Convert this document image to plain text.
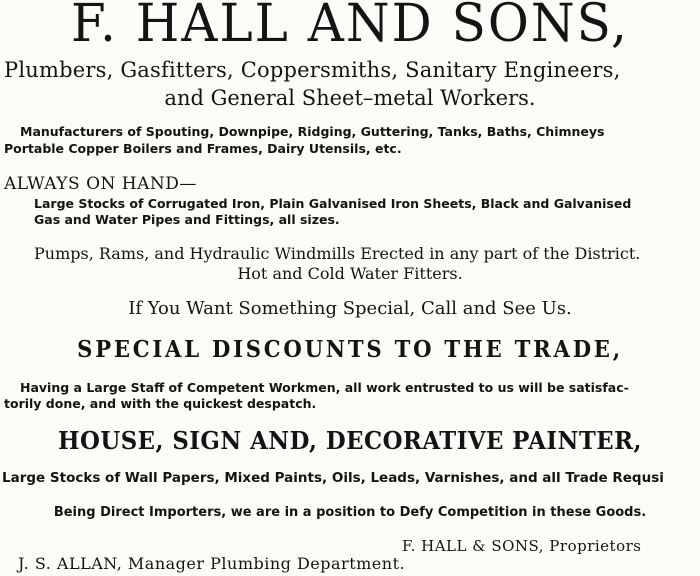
F. HALL AND SONS,
Plumbers, Gasfitters, Coppersmiths, Sanitary Engineers,
and General Sheet–metal Workers.
Manufacturers of Spouting, Downpipe, Ridging, Guttering, Tanks, Baths, Chimneys
Portable Copper Boilers and Frames, Dairy Utensils, etc.
ALWAYS ON HAND—
Large Stocks of Corrugated Iron, Plain Galvanised Iron Sheets, Black and Galvanised
Gas and Water Pipes and Fittings, all sizes.
Pumps, Rams, and Hydraulic Windmills Erected in any part of the District.
Hot and Cold Water Fitters.
If You Want Something Special, Call and See Us.
SPECIAL DISCOUNTS TO THE TRADE,
Having a Large Staff of Competent Workmen, all work entrusted to us will be satisfac-
torily done, and with the quickest despatch.
HOUSE, SIGN AND, DECORATIVE PAINTER,
Large Stocks of Wall Papers, Mixed Paints, Oils, Leads, Varnishes, and all Trade Requsi
Being Direct Importers, we are in a position to Defy Competition in these Goods.
F. HALL & SONS, Proprietors
J. S. ALLAN, Manager Plumbing Department.
